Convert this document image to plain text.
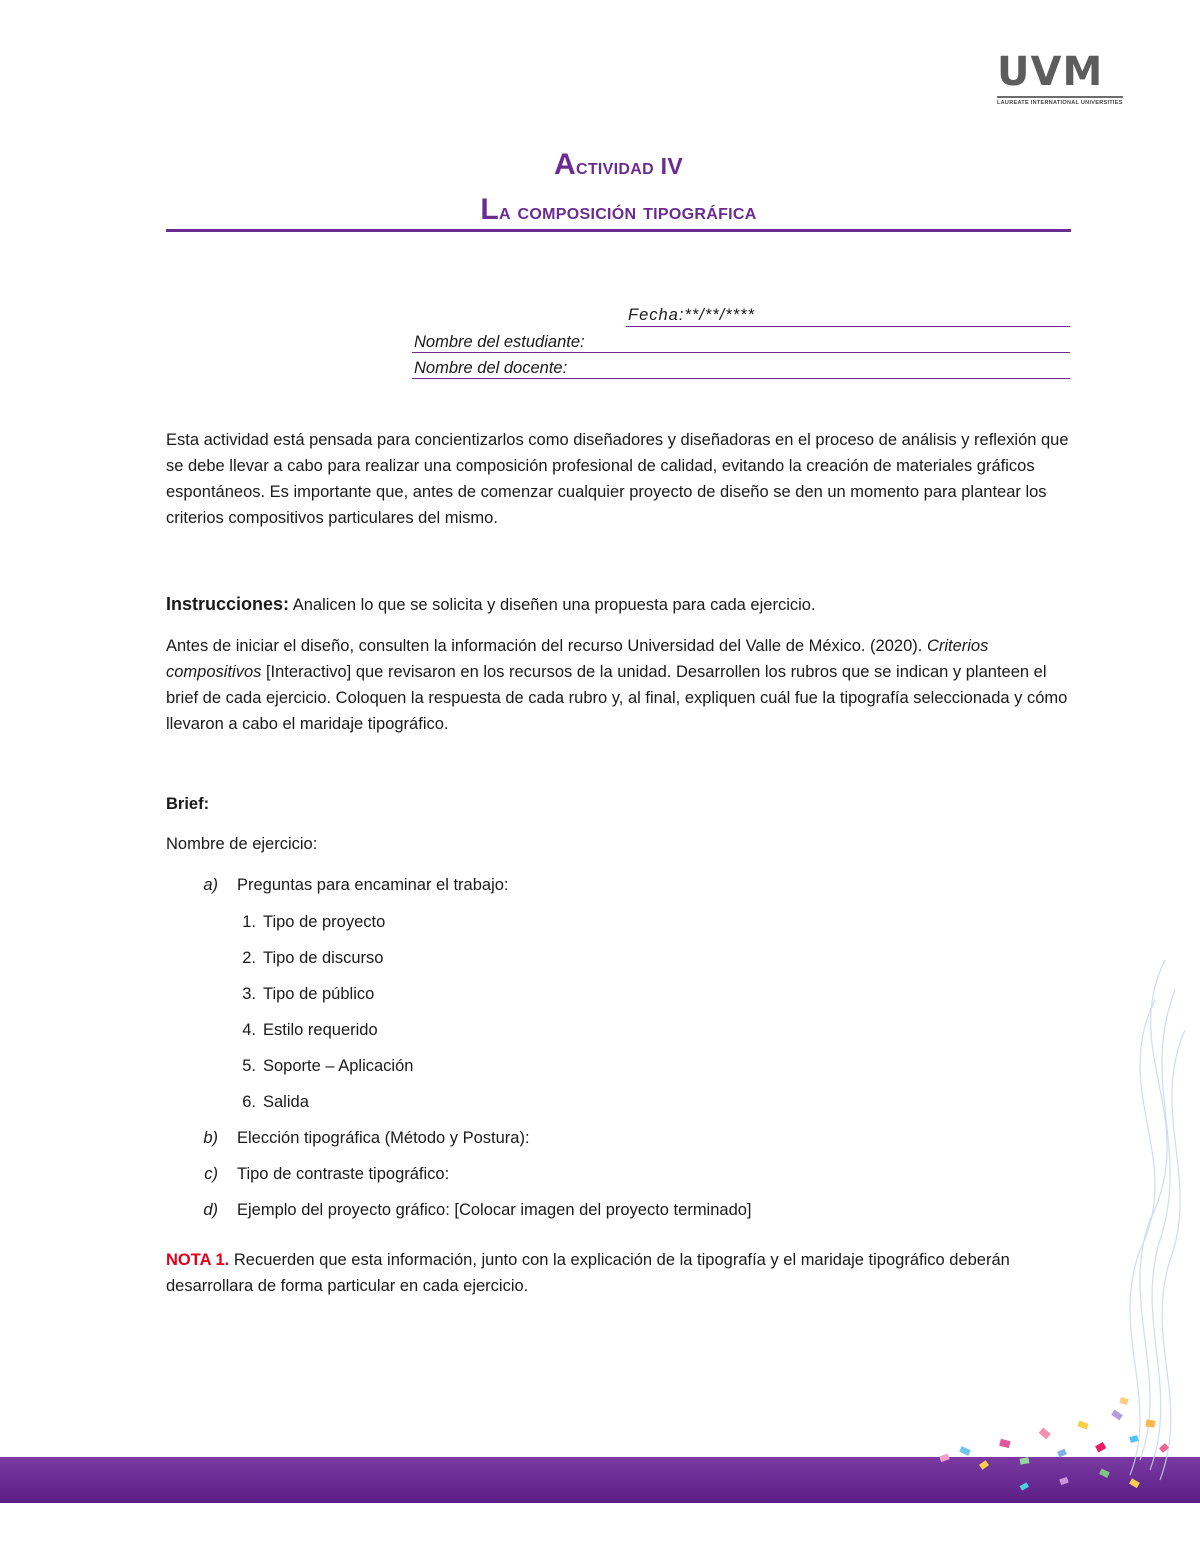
UVM
LAUREATE INTERNATIONAL UNIVERSITIES
Actividad IV
La composición tipográfica
Fecha:**/**/****
Nombre del estudiante:
Nombre del docente:
Esta actividad está pensada para concientizarlos como diseñadores y diseñadoras en el proceso de análisis y reflexión que se debe llevar a cabo para realizar una composición profesional de calidad, evitando la creación de materiales gráficos espontáneos. Es importante que, antes de comenzar cualquier proyecto de diseño se den un momento para plantear los criterios compositivos particulares del mismo.
Instrucciones: Analicen lo que se solicita y diseñen una propuesta para cada ejercicio.
Antes de iniciar el diseño, consulten la información del recurso Universidad del Valle de México. (2020). Criterios compositivos [Interactivo] que revisaron en los recursos de la unidad. Desarrollen los rubros que se indican y planteen el brief de cada ejercicio. Coloquen la respuesta de cada rubro y, al final, expliquen cuál fue la tipografía seleccionada y cómo llevaron a cabo el maridaje tipográfico.
Brief:
Nombre de ejercicio:
a) Preguntas para encaminar el trabajo:
1. Tipo de proyecto
2. Tipo de discurso
3. Tipo de público
4. Estilo requerido
5. Soporte – Aplicación
6. Salida
b) Elección tipográfica (Método y Postura):
c) Tipo de contraste tipográfico:
d) Ejemplo del proyecto gráfico: [Colocar imagen del proyecto terminado]
NOTA 1. Recuerden que esta información, junto con la explicación de la tipografía y el maridaje tipográfico deberán desarrollara de forma particular en cada ejercicio.
